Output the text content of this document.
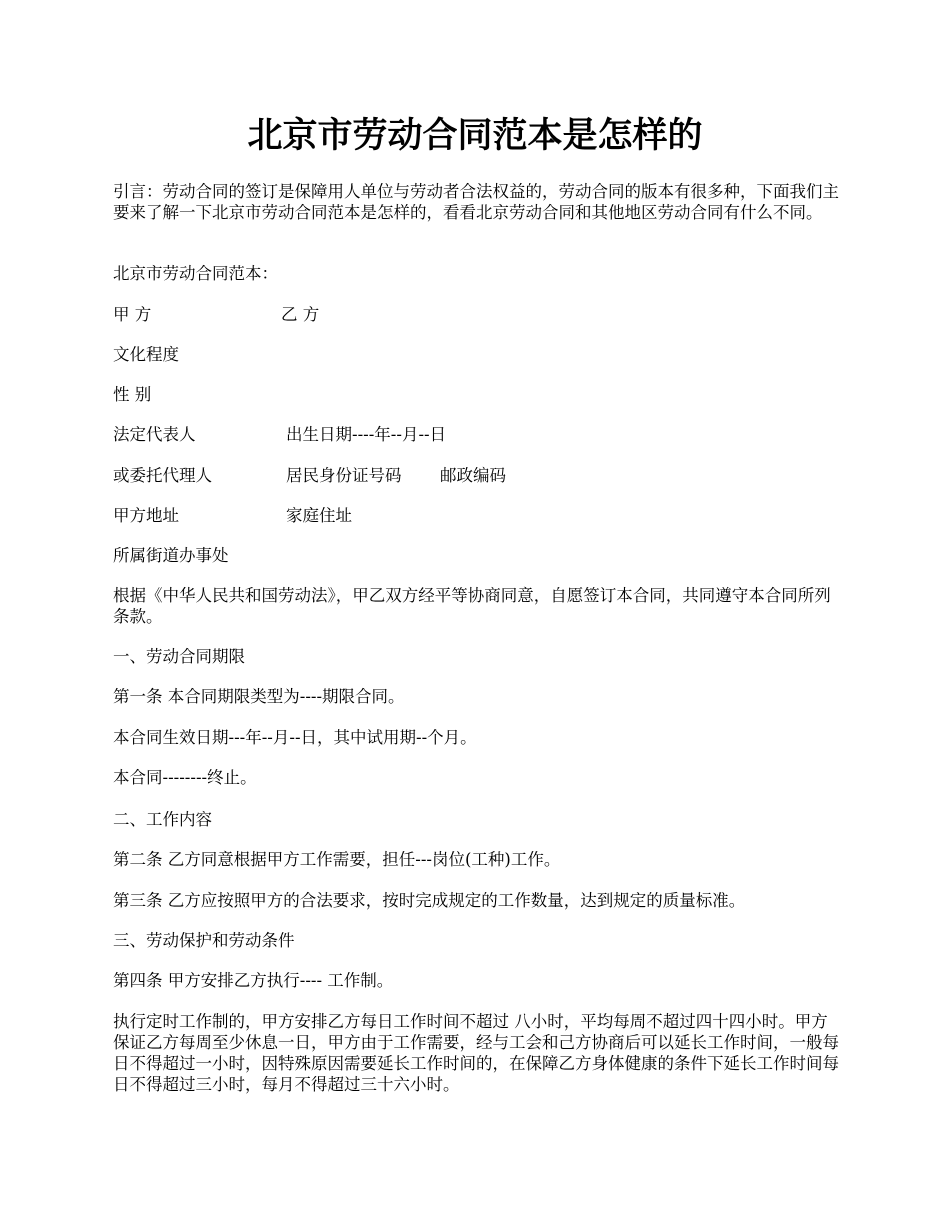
北京市劳动合同范本是怎样的
引言：劳动合同的签订是保障用人单位与劳动者合法权益的，劳动合同的版本有很多种，下面我们主要来了解一下北京市劳动合同范本是怎样的，看看北京劳动合同和其他地区劳动合同有什么不同。
北京市劳动合同范本：
甲 方	乙 方
文化程度
性 别
法定代表人	出生日期----年--月--日
或委托代理人	居民身份证号码 邮政编码
甲方地址	家庭住址
所属街道办事处
根据《中华人民共和国劳动法》，甲乙双方经平等协商同意，自愿签订本合同，共同遵守本合同所列条款。
一、劳动合同期限
第一条 本合同期限类型为----期限合同。
本合同生效日期---年--月--日，其中试用期--个月。
本合同--------终止。
二、工作内容
第二条 乙方同意根据甲方工作需要，担任---岗位(工种)工作。
第三条 乙方应按照甲方的合法要求，按时完成规定的工作数量，达到规定的质量标准。
三、劳动保护和劳动条件
第四条 甲方安排乙方执行---- 工作制。
执行定时工作制的，甲方安排乙方每日工作时间不超过 八小时，平均每周不超过四十四小时。甲方保证乙方每周至少休息一日，甲方由于工作需要，经与工会和己方协商后可以延长工作时间，一般每日不得超过一小时，因特殊原因需要延长工作时间的，在保障乙方身体健康的条件下延长工作时间每日不得超过三小时，每月不得超过三十六小时。
